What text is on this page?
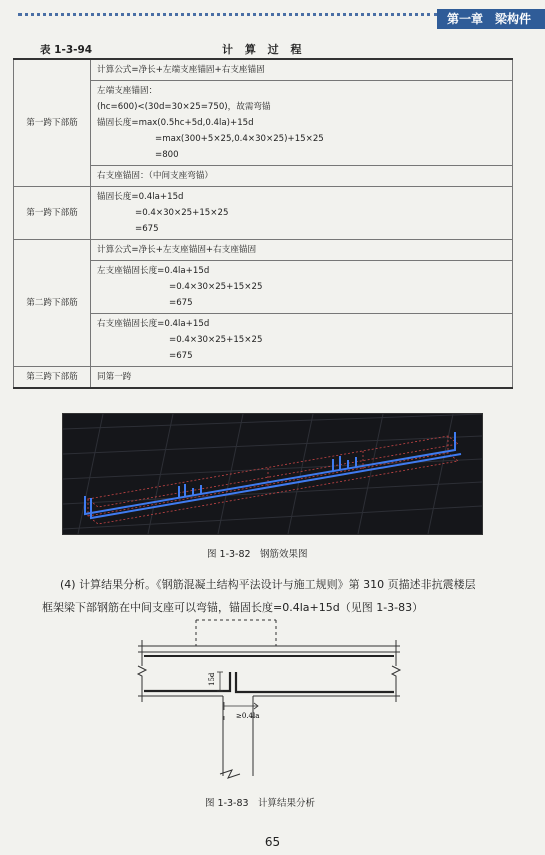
第一章　梁构件
表 1-3-94	计 算 过 程
第一跨下部筋	计算公式=净长+左端支座锚固+右支座锚固

	左端支座锚固：
(hc=600)<(30d=30×25=750)，故需弯锚
锚固长度=max(0.5hc+5d,0.4la)+15d
=max(300+5×25,0.4×30×25)+15×25
=800

	右支座锚固：（中间支座弯锚）

第一跨下部筋	锚固长度=0.4la+15d
=0.4×30×25+15×25
=675

第二跨下部筋	计算公式=净长+左支座锚固+右支座锚固

	左支座锚固长度=0.4la+15d
=0.4×30×25+15×25
=675

	右支座锚固长度=0.4la+15d
=0.4×30×25+15×25
=675

第三跨下部筋	同第一跨
图 1-3-82　钢筋效果图
(4) 计算结果分析。《钢筋混凝土结构平法设计与施工规则》第 310 页描述非抗震楼层
框架梁下部钢筋在中间支座可以弯锚，锚固长度=0.4la+15d（见图 1-3-83）
15d
≥0.4la
图 1-3-83　计算结果分析
65
